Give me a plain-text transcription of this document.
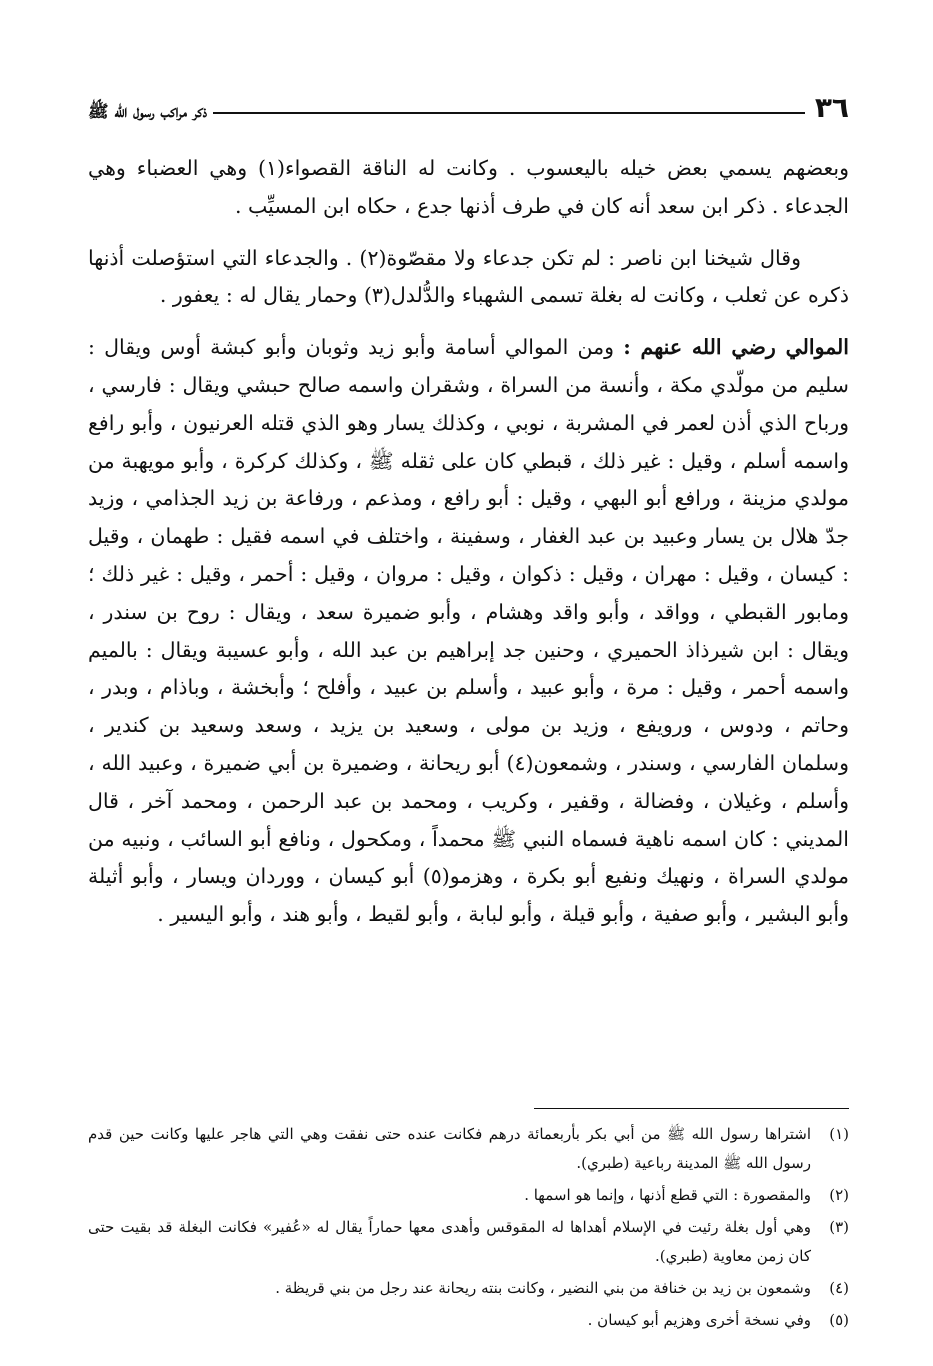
٣٦
ذكر مراكب رسول الله ﷺ

وبعضهم يسمي بعض خيله باليعسوب . وكانت له الناقة القصواء(١) وهي العضباء وهي الجدعاء . ذكر ابن سعد أنه كان في طرف أذنها جدع ، حكاه ابن المسيِّب .

وقال شيخنا ابن ناصر : لم تكن جدعاء ولا مقصّوة(٢) . والجدعاء التي استؤصلت أذنها ذكره عن ثعلب ، وكانت له بغلة تسمى الشهباء والدُّلدل(٣) وحمار يقال له : يعفور .

الموالي رضي الله عنهم : ومن الموالي أسامة وأبو زيد وثوبان وأبو كبشة أوس ويقال : سليم من مولّدي مكة ، وأنسة من السراة ، وشقران واسمه صالح حبشي ويقال : فارسي ، ورباح الذي أذن لعمر في المشربة ، نوبي ، وكذلك يسار وهو الذي قتله العرنيون ، وأبو رافع واسمه أسلم ، وقيل : غير ذلك ، قبطي كان على ثقله ﷺ ، وكذلك كركرة ، وأبو مويهبة من مولدي مزينة ، ورافع أبو البهي ، وقيل : أبو رافع ، ومذعم ، ورفاعة بن زيد الجذامي ، وزيد جدّ هلال بن يسار وعبيد بن عبد الغفار ، وسفينة ، واختلف في اسمه فقيل : طهمان ، وقيل : كيسان ، وقيل : مهران ، وقيل : ذكوان ، وقيل : مروان ، وقيل : أحمر ، وقيل : غير ذلك ؛ ومابور القبطي ، وواقد ، وأبو واقد وهشام ، وأبو ضميرة سعد ، ويقال : روح بن سندر ، ويقال : ابن شيرذاذ الحميري ، وحنين جد إبراهيم بن عبد الله ، وأبو عسيبة ويقال : بالميم واسمه أحمر ، وقيل : مرة ، وأبو عبيد ، وأسلم بن عبيد ، وأفلح ؛ وأبخشة ، وباذام ، وبدر ، وحاتم ، ودوس ، ورويفع ، وزيد بن مولى ، وسعيد بن يزيد ، وسعد وسعيد بن كندير ، وسلمان الفارسي ، وسندر ، وشمعون(٤) أبو ريحانة ، وضميرة بن أبي ضميرة ، وعبيد الله ، وأسلم ، وغيلان ، وفضالة ، وقفير ، وكريب ، ومحمد بن عبد الرحمن ، ومحمد آخر ، قال المديني : كان اسمه ناهية فسماه النبي ﷺ محمداً ، ومكحول ، ونافع أبو السائب ، ونبيه من مولدي السراة ، ونهيك ونفيع أبو بكرة ، وهزمو(٥) أبو كيسان ، ووردان ويسار ، وأبو أثيلة وأبو البشير ، وأبو صفية ، وأبو قيلة ، وأبو لبابة ، وأبو لقيط ، وأبو هند ، وأبو اليسير .

(١)
اشتراها رسول الله ﷺ من أبي بكر بأربعمائة درهم فكانت عنده حتى نفقت وهي التي هاجر عليها وكانت حين قدم رسول الله ﷺ المدينة رباعية (طبري).
(٢)
والمقصورة : التي قطع أذنها ، وإنما هو اسمها .
(٣)
وهي أول بغلة رئيت في الإسلام أهداها له المقوقس وأهدى معها حماراً يقال له «عُفير» فكانت البغلة قد بقيت حتى كان زمن معاوية (طبري).
(٤)
وشمعون بن زيد بن خنافة من بني النضير ، وكانت بنته ريحانة عند رجل من بني قريظة .
(٥)
وفي نسخة أخرى وهزيم أبو كيسان .
